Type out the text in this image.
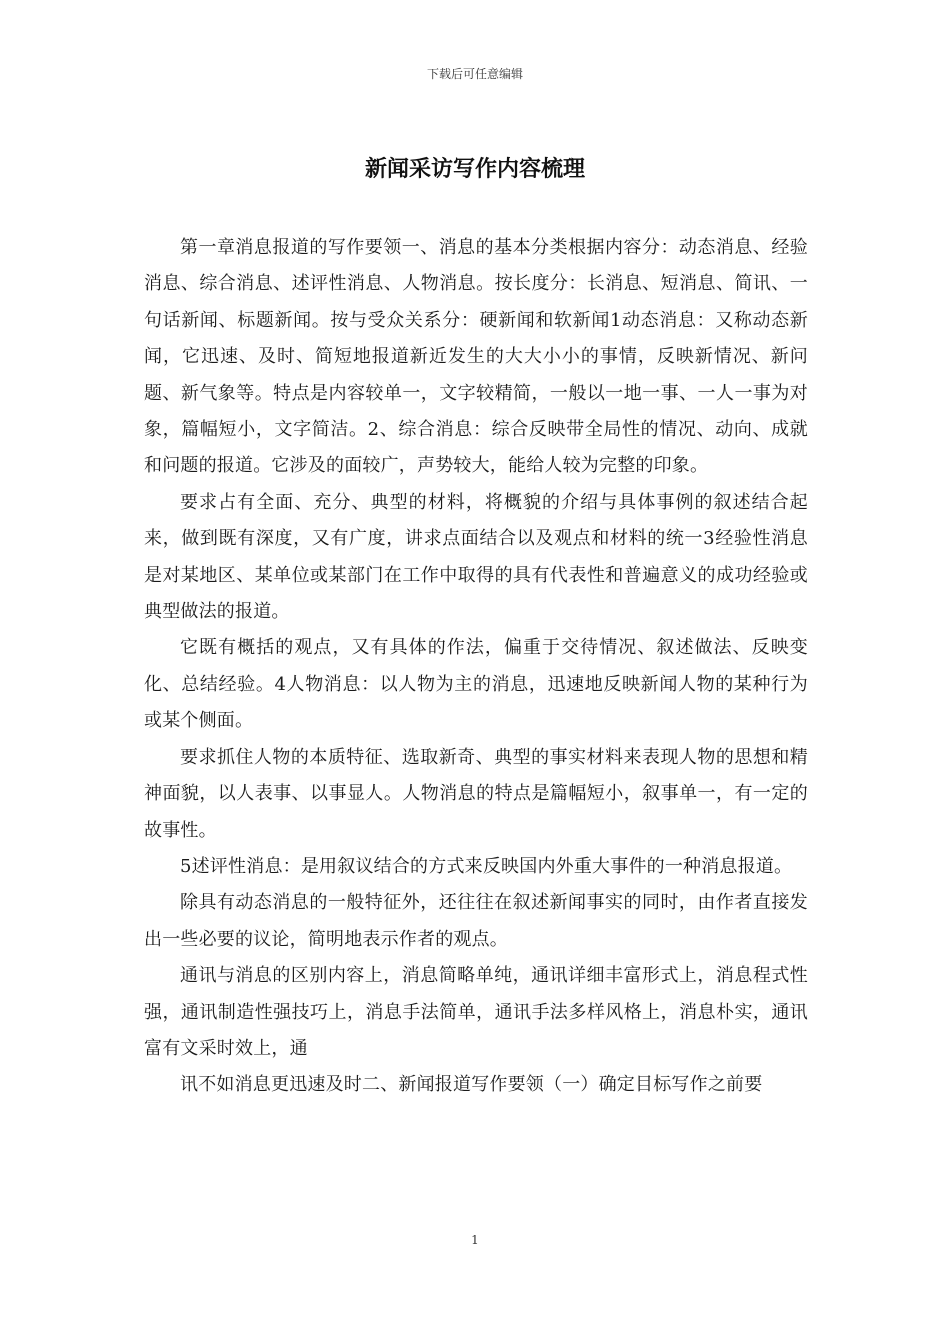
下载后可任意编辑
新闻采访写作内容梳理

第一章消息报道的写作要领一、消息的基本分类根据内容分：动态消息、经验消息、综合消息、述评性消息、人物消息。按长度分：长消息、短消息、简讯、一句话新闻、标题新闻。按与受众关系分：硬新闻和软新闻1动态消息：又称动态新闻，它迅速、及时、简短地报道新近发生的大大小小的事情，反映新情况、新问题、新气象等。特点是内容较单一，文字较精简，一般以一地一事、一人一事为对象，篇幅短小，文字简洁。2、综合消息：综合反映带全局性的情况、动向、成就和问题的报道。它涉及的面较广，声势较大，能给人较为完整的印象。

要求占有全面、充分、典型的材料，将概貌的介绍与具体事例的叙述结合起来，做到既有深度，又有广度，讲求点面结合以及观点和材料的统一3经验性消息是对某地区、某单位或某部门在工作中取得的具有代表性和普遍意义的成功经验或典型做法的报道。

它既有概括的观点，又有具体的作法，偏重于交待情况、叙述做法、反映变化、总结经验。4人物消息：以人物为主的消息，迅速地反映新闻人物的某种行为或某个侧面。

要求抓住人物的本质特征、选取新奇、典型的事实材料来表现人物的思想和精神面貌，以人表事、以事显人。人物消息的特点是篇幅短小，叙事单一，有一定的故事性。

5述评性消息：是用叙议结合的方式来反映国内外重大事件的一种消息报道。

除具有动态消息的一般特征外，还往往在叙述新闻事实的同时，由作者直接发出一些必要的议论，简明地表示作者的观点。

通讯与消息的区别内容上，消息简略单纯，通讯详细丰富形式上，消息程式性强，通讯制造性强技巧上，消息手法简单，通讯手法多样风格上，消息朴实，通讯富有文采时效上，通

讯不如消息更迅速及时二、新闻报道写作要领（一）确定目标写作之前要

1
